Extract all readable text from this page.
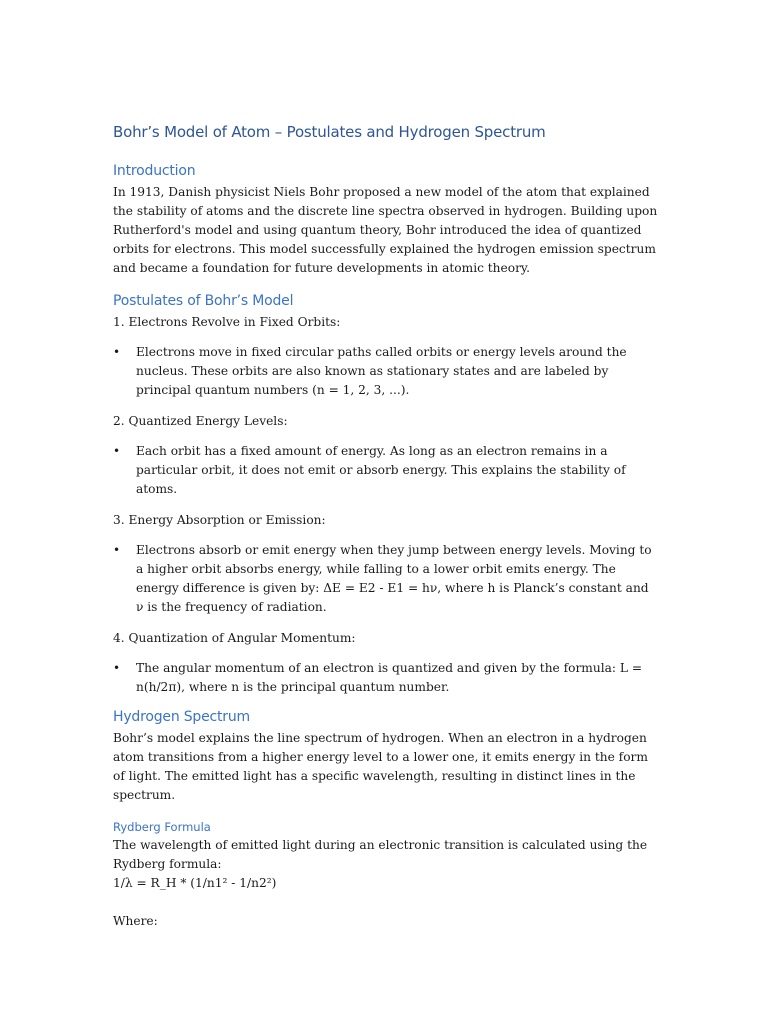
Bohr’s Model of Atom – Postulates and Hydrogen Spectrum
Introduction

In 1913, Danish physicist Niels Bohr proposed a new model of the atom that explained the stability of atoms and the discrete line spectra observed in hydrogen. Building upon Rutherford's model and using quantum theory, Bohr introduced the idea of quantized orbits for electrons. This model successfully explained the hydrogen emission spectrum and became a foundation for future developments in atomic theory.

Postulates of Bohr’s Model

1. Electrons Revolve in Fixed Orbits:

• Electrons move in fixed circular paths called orbits or energy levels around the nucleus. These orbits are also known as stationary states and are labeled by principal quantum numbers (n = 1, 2, 3, ...).

2. Quantized Energy Levels:

• Each orbit has a fixed amount of energy. As long as an electron remains in a particular orbit, it does not emit or absorb energy. This explains the stability of atoms.

3. Energy Absorption or Emission:

• Electrons absorb or emit energy when they jump between energy levels. Moving to a higher orbit absorbs energy, while falling to a lower orbit emits energy. The energy difference is given by: ΔE = E2 - E1 = hν, where h is Planck’s constant and ν is the frequency of radiation.

4. Quantization of Angular Momentum:

• The angular momentum of an electron is quantized and given by the formula: L = n(h/2π), where n is the principal quantum number.
Hydrogen Spectrum

Bohr’s model explains the line spectrum of hydrogen. When an electron in a hydrogen atom transitions from a higher energy level to a lower one, it emits energy in the form of light. The emitted light has a specific wavelength, resulting in distinct lines in the spectrum.

Rydberg Formula

The wavelength of emitted light during an electronic transition is calculated using the Rydberg formula:

1/λ = R_H * (1/n1² - 1/n2²)

Where:
